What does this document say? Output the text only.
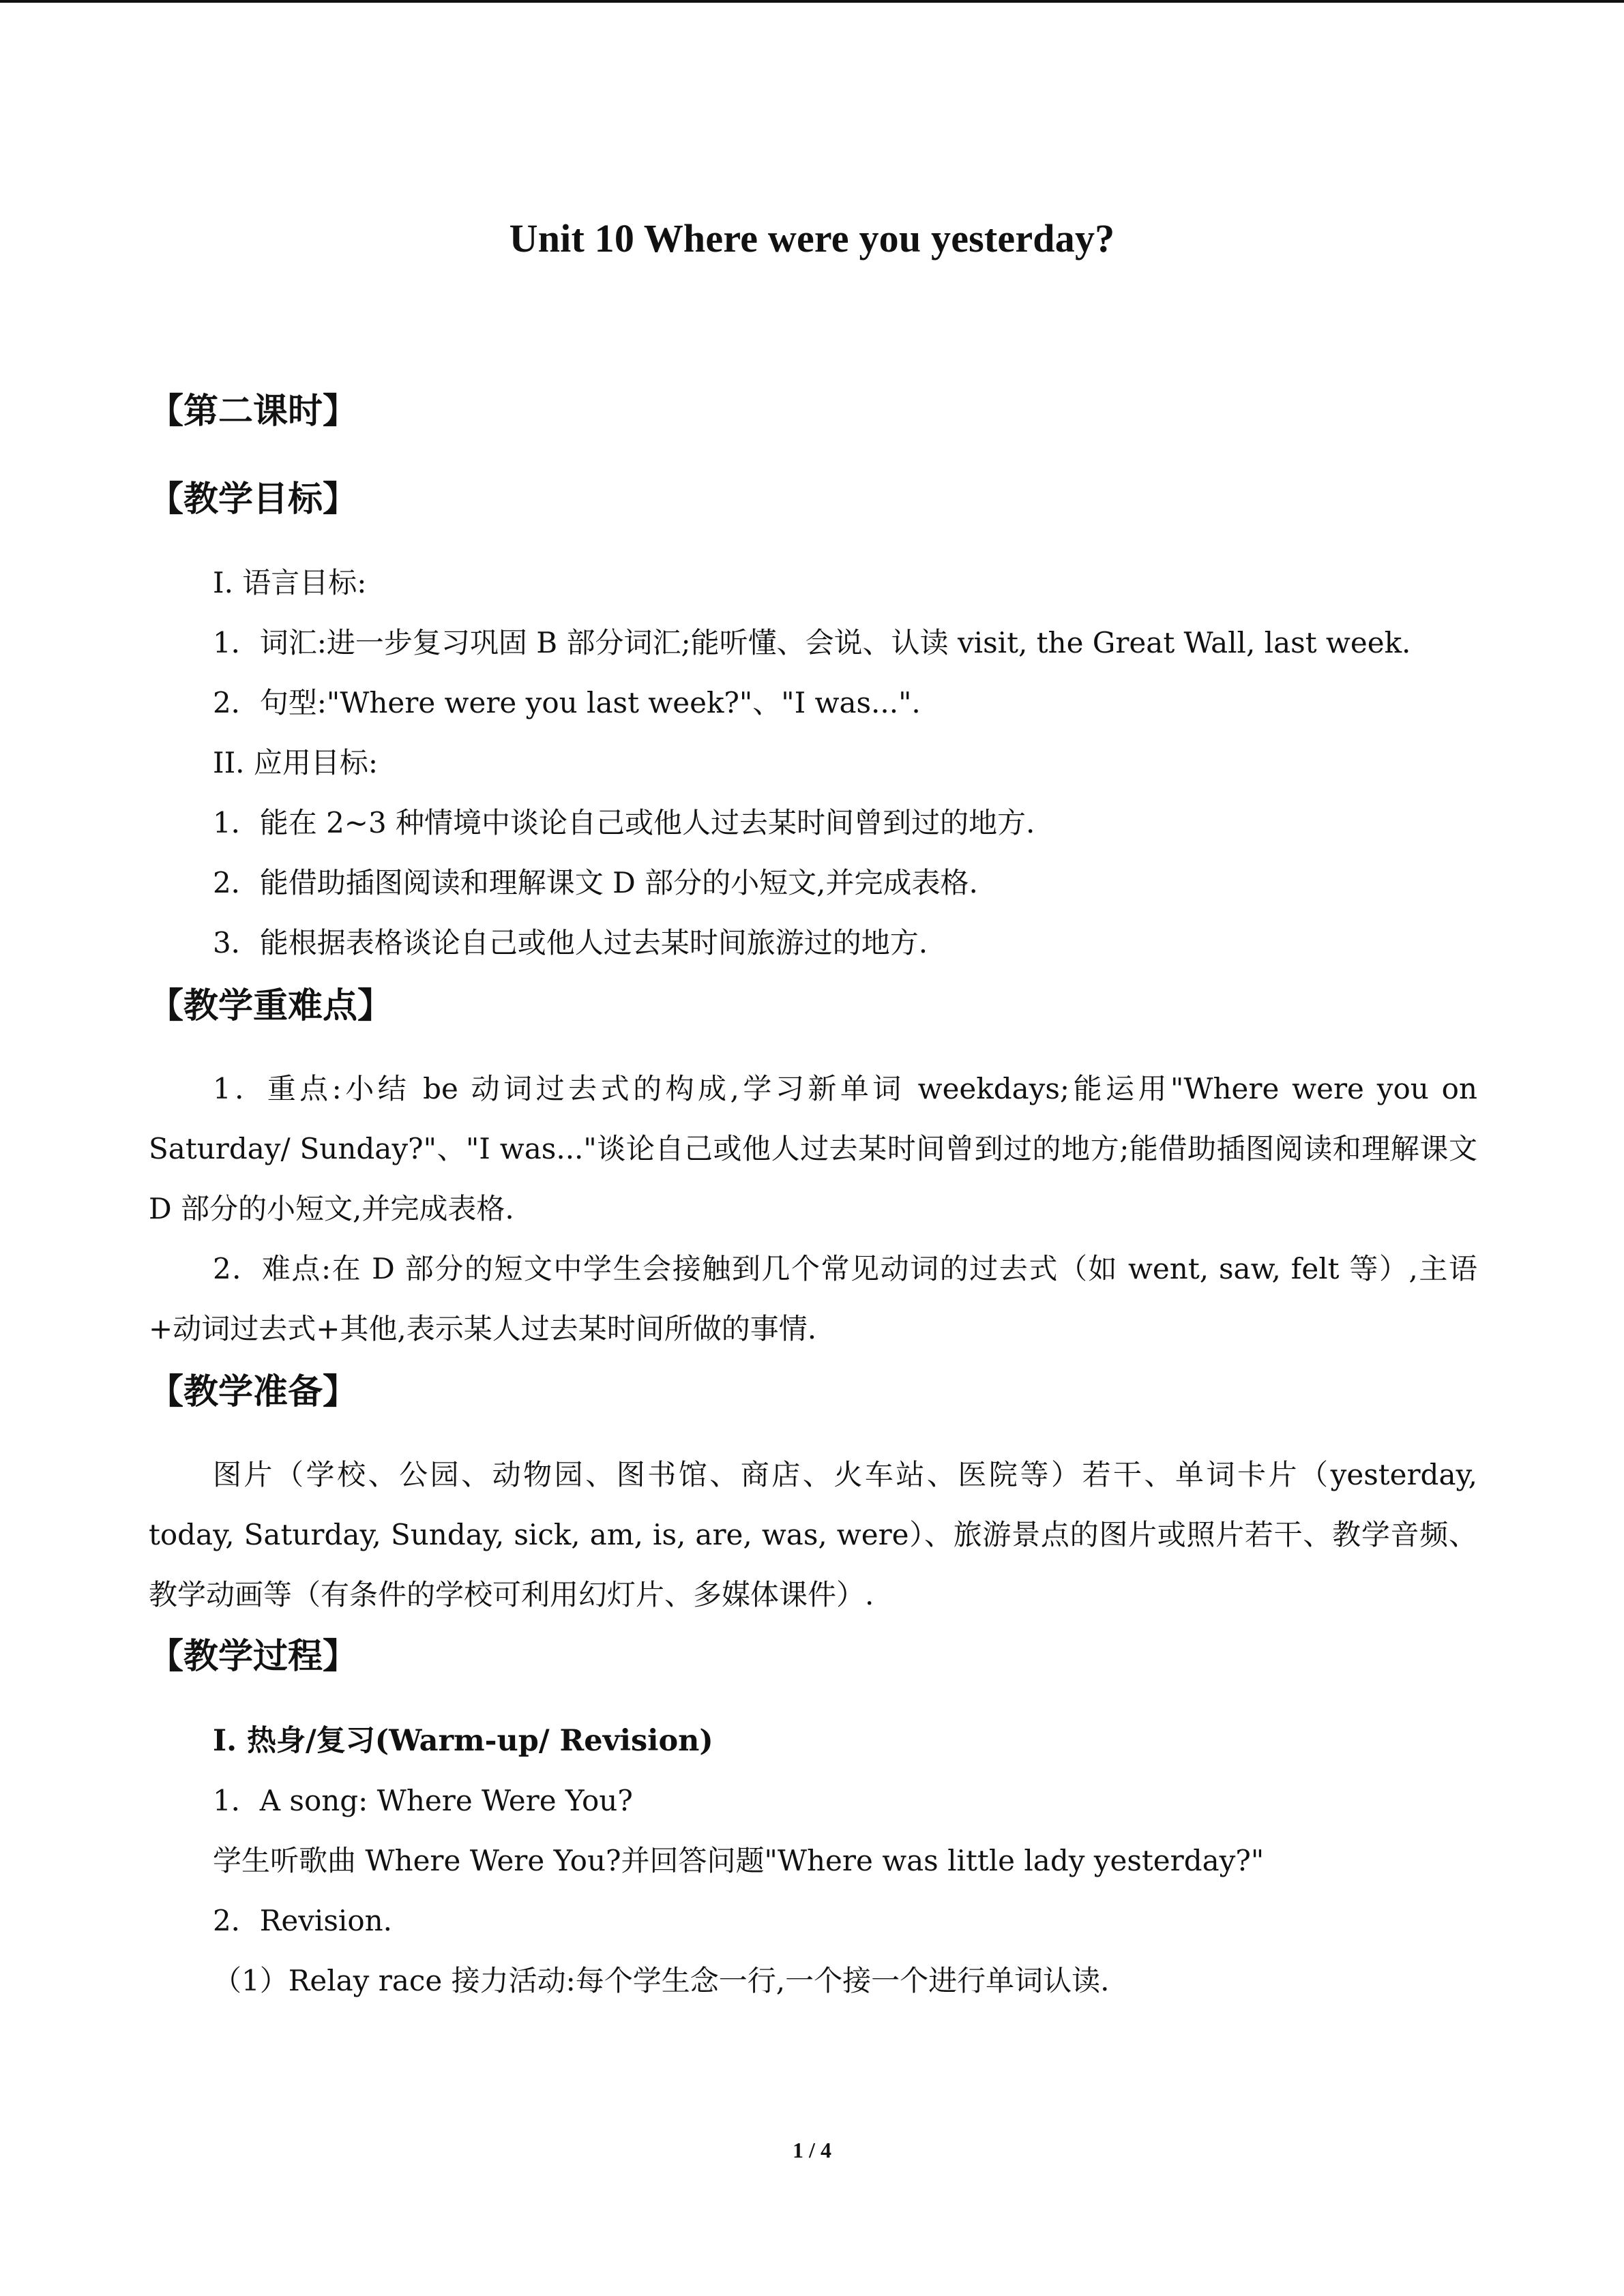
Unit 10 Where were you yesterday?
【第二课时】
【教学目标】
I. 语言目标:
1．词汇:进一步复习巩固 B 部分词汇;能听懂、会说、认读 visit, the Great Wall, last week.
2．句型:"Where were you last week?"、"I was...".
II. 应用目标:
1．能在 2~3 种情境中谈论自己或他人过去某时间曾到过的地方.
2．能借助插图阅读和理解课文 D 部分的小短文,并完成表格.
3．能根据表格谈论自己或他人过去某时间旅游过的地方.
【教学重难点】
1．重点:小结 be 动词过去式的构成,学习新单词 weekdays;能运用"Where were you on Saturday/ Sunday?"、"I was..."谈论自己或他人过去某时间曾到过的地方;能借助插图阅读和理解课文 D 部分的小短文,并完成表格.
2．难点:在 D 部分的短文中学生会接触到几个常见动词的过去式（如 went, saw, felt 等）,主语+动词过去式+其他,表示某人过去某时间所做的事情.
【教学准备】
图片（学校、公园、动物园、图书馆、商店、火车站、医院等）若干、单词卡片（yesterday, today, Saturday, Sunday, sick, am, is, are, was, were）、旅游景点的图片或照片若干、教学音频、教学动画等（有条件的学校可利用幻灯片、多媒体课件）.
【教学过程】
I. 热身/复习(Warm-up/ Revision)
1．A song: Where Were You?
学生听歌曲 Where Were You?并回答问题"Where was little lady yesterday?"
2．Revision.
（1）Relay race 接力活动:每个学生念一行,一个接一个进行单词认读.
1 / 4
